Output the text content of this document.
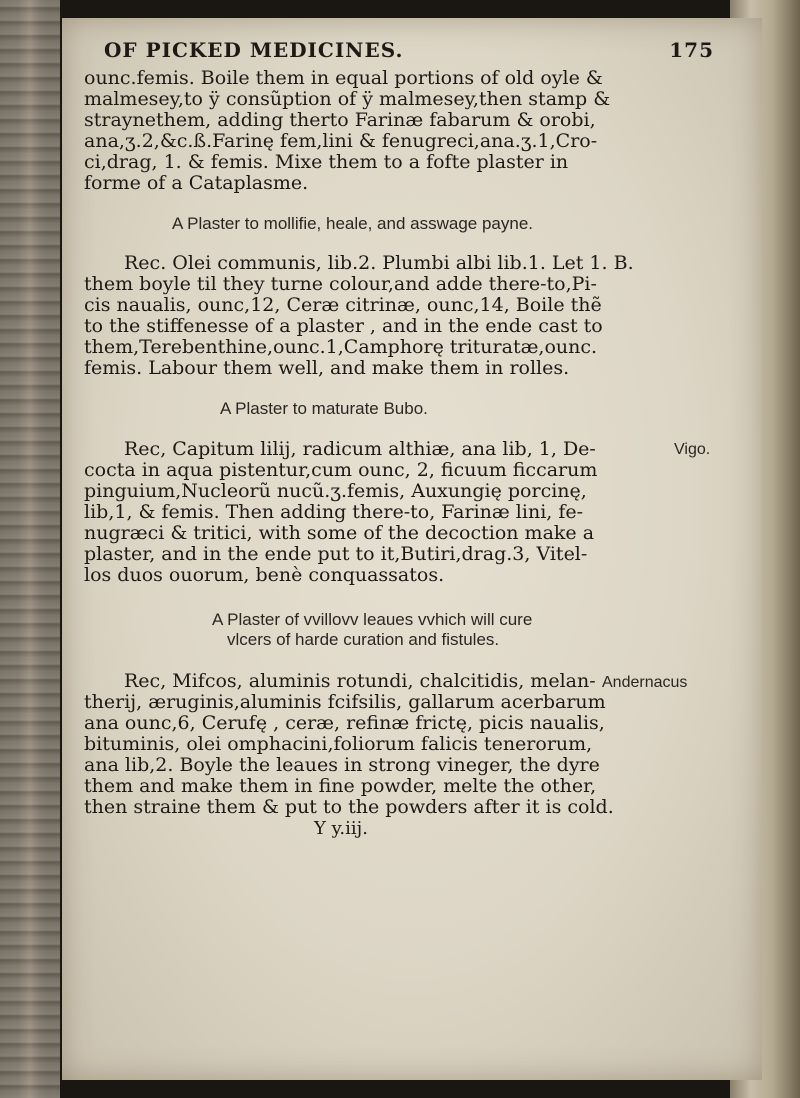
OF PICKED MEDICINES.	175
ounc.femis. Boile them in equal portions of old oyle &
malmesey,to ÿ consũption of ÿ malmesey,then stamp &
straynethem, adding therto Farinæ fabarum & orobi,
ana,ʒ.2,&c.ß.Farinę fem,lini & fenugreci,ana.ʒ.1,Cro-
ci,drag, 1. & femis. Mixe them to a fofte plaster in
forme of a Cataplasme.
A Plaster to mollifie, heale, and asswage payne.
Rec. Olei communis, lib.2. Plumbi albi lib.1. Let 1. B.
them boyle til they turne colour,and adde there-to,Pi-
cis naualis, ounc,12, Ceræ citrinæ, ounc,14, Boile thẽ
to the stiffenesse of a plaster , and in the ende cast to
them,Terebenthine,ounc.1,Camphorę trituratæ,ounc.
femis. Labour them well, and make them in rolles.
A Plaster to maturate Bubo.
Rec, Capitum lilij, radicum althiæ, ana lib, 1, De-	Vigo.
cocta in aqua pistentur,cum ounc, 2, ficuum ficcarum
pinguium,Nucleorũ nucũ.ʒ.femis, Auxungię porcinę,
lib,1, & femis. Then adding there-to, Farinæ lini, fe-
nugræci & tritici, with some of the decoction make a
plaster, and in the ende put to it,Butiri,drag.3, Vitel-
los duos ouorum, benè conquassatos.
A Plaster of vvillovv leaues vvhich will cure
vlcers of harde curation and fistules.
Rec, Mifcos, aluminis rotundi, chalcitidis, melan- Andernacus
therij, æruginis,aluminis fcifsilis, gallarum acerbarum
ana ounc,6, Cerufę , ceræ, refinæ frictę, picis naualis,
bituminis, olei omphacini,foliorum falicis tenerorum,
ana lib,2. Boyle the leaues in strong vineger, the dyre
them and make them in fine powder, melte the other,
then straine them & put to the powders after it is cold.
Y y.iij.
